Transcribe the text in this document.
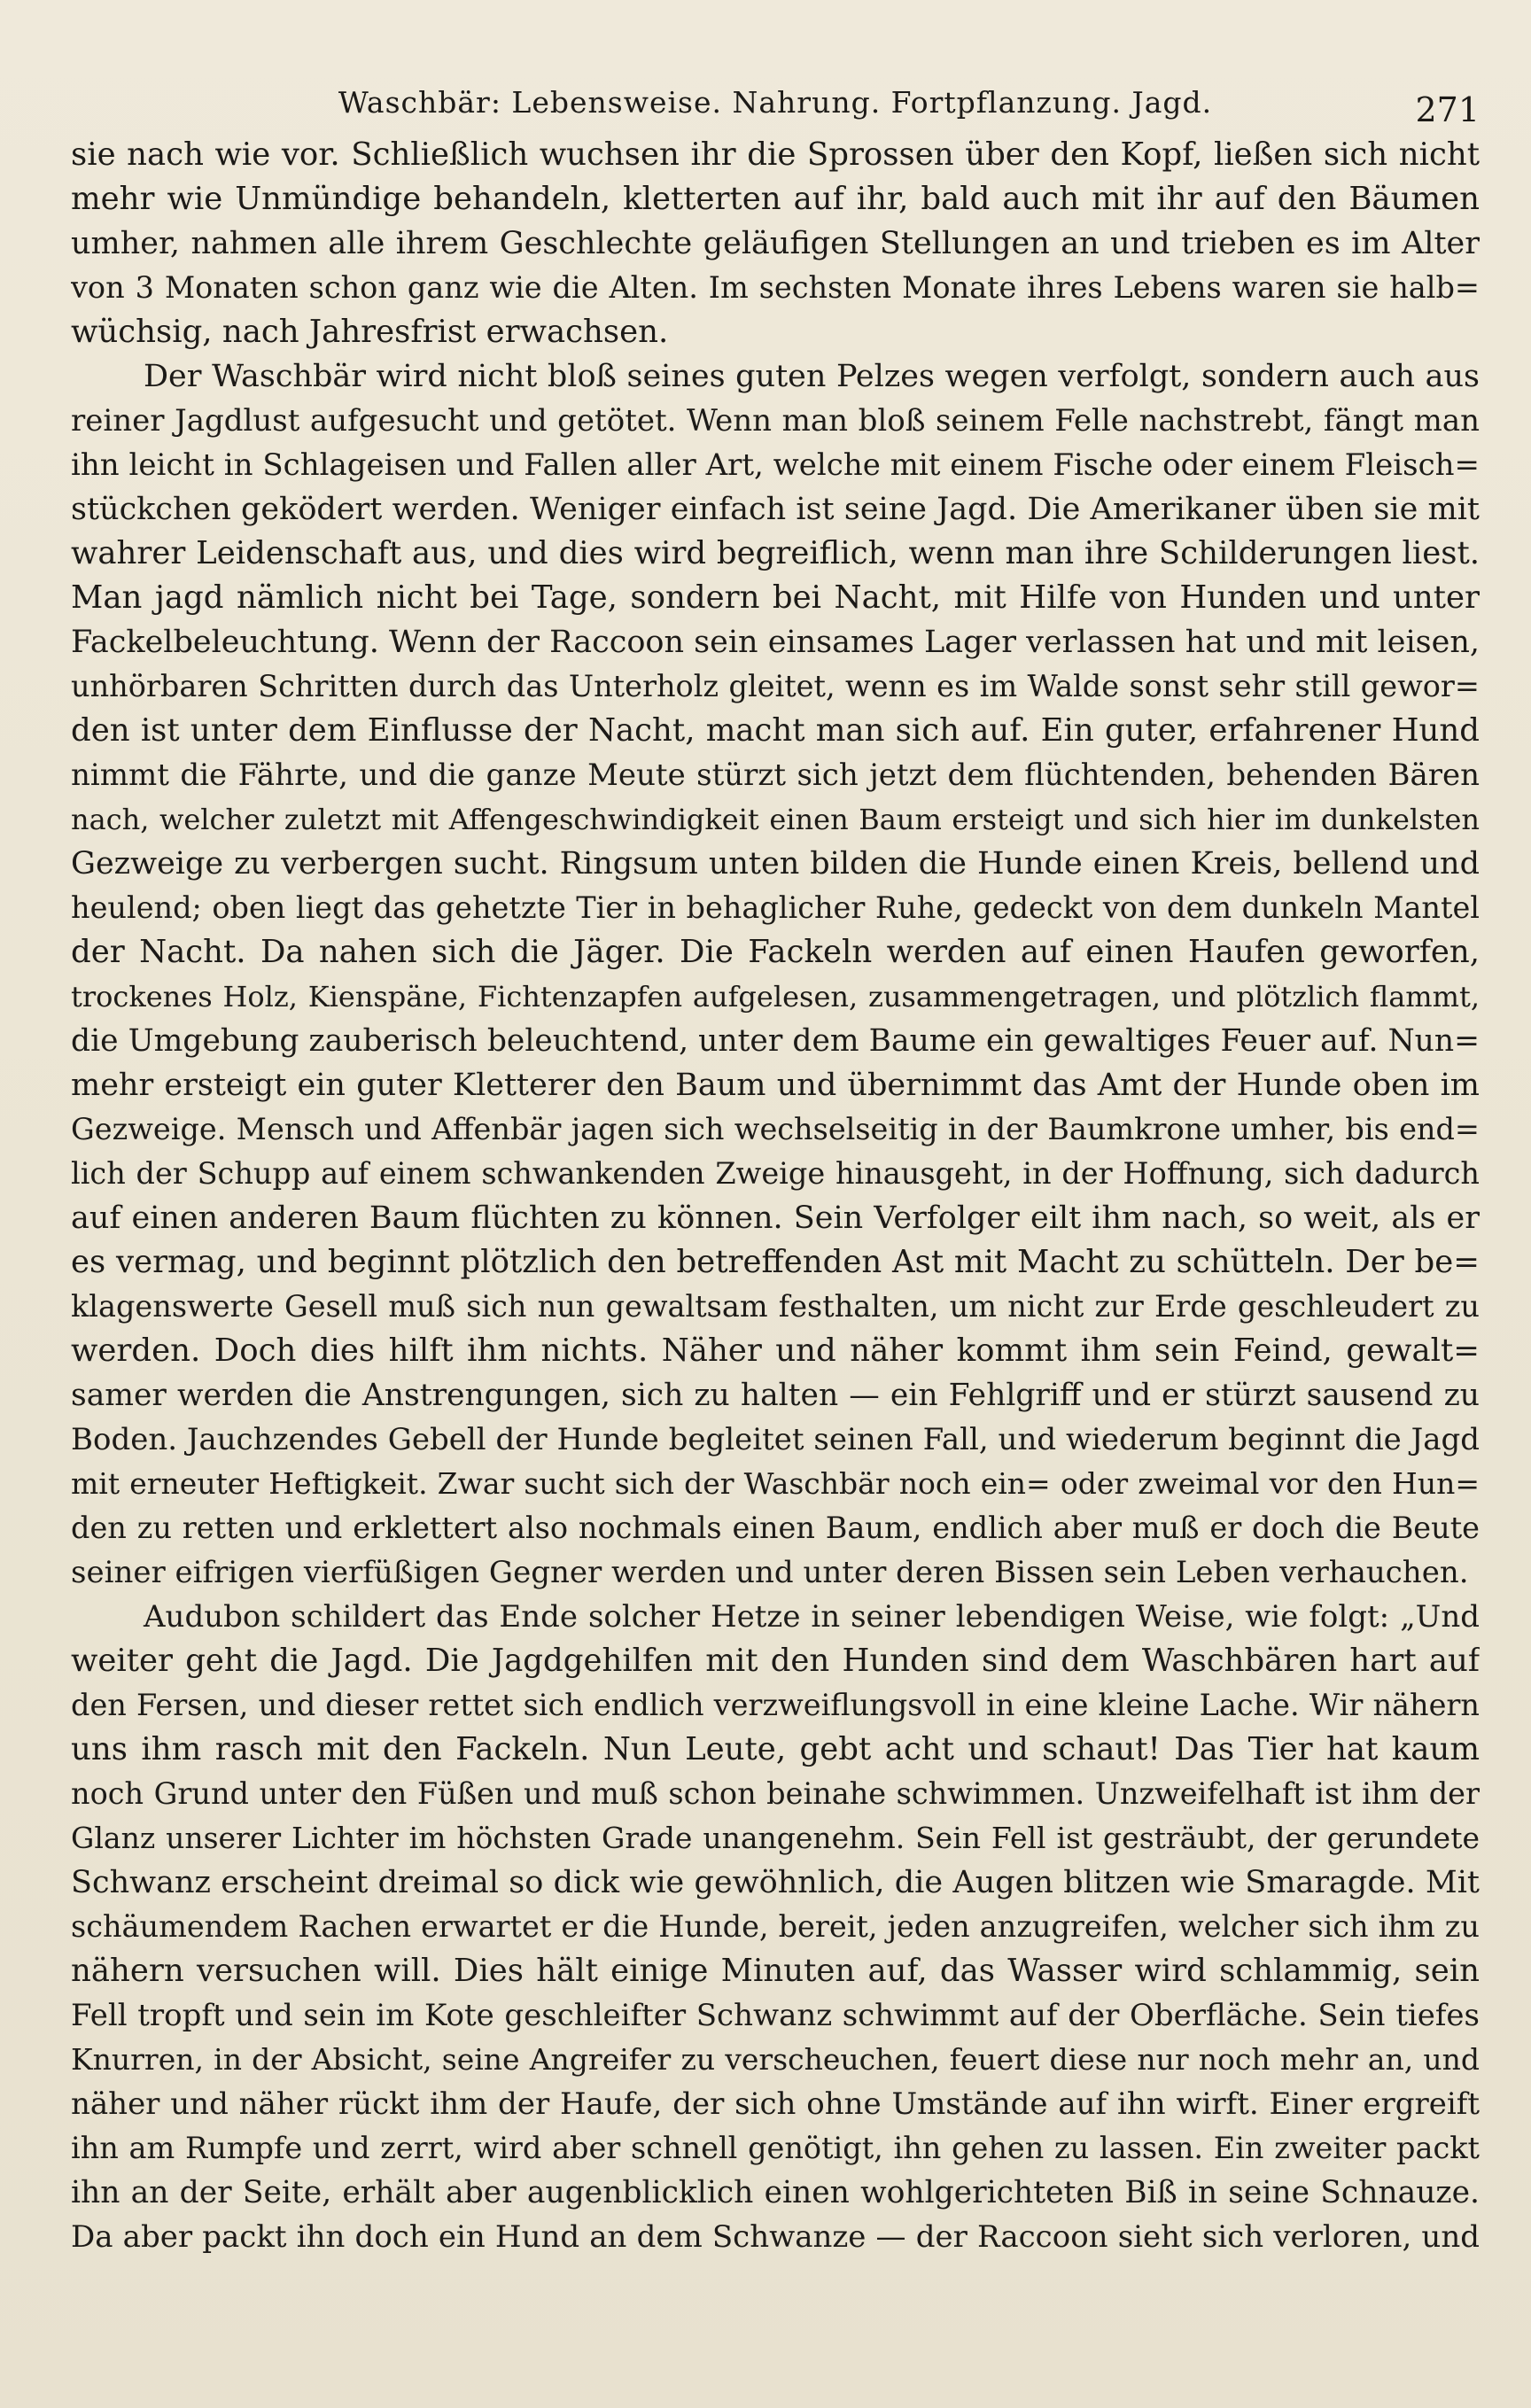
Waschbär: Lebensweise. Nahrung. Fortpflanzung. Jagd.	271
sie nach wie vor. Schließlich wuchsen ihr die Sprossen über den Kopf, ließen sich nicht
mehr wie Unmündige behandeln, kletterten auf ihr, bald auch mit ihr auf den Bäumen
umher, nahmen alle ihrem Geschlechte geläufigen Stellungen an und trieben es im Alter
von 3 Monaten schon ganz wie die Alten. Im sechsten Monate ihres Lebens waren sie halb=
wüchsig, nach Jahresfrist erwachsen.
Der Waschbär wird nicht bloß seines guten Pelzes wegen verfolgt, sondern auch aus
reiner Jagdlust aufgesucht und getötet. Wenn man bloß seinem Felle nachstrebt, fängt man
ihn leicht in Schlageisen und Fallen aller Art, welche mit einem Fische oder einem Fleisch=
stückchen geködert werden. Weniger einfach ist seine Jagd. Die Amerikaner üben sie mit
wahrer Leidenschaft aus, und dies wird begreiflich, wenn man ihre Schilderungen liest.
Man jagd nämlich nicht bei Tage, sondern bei Nacht, mit Hilfe von Hunden und unter
Fackelbeleuchtung. Wenn der Raccoon sein einsames Lager verlassen hat und mit leisen,
unhörbaren Schritten durch das Unterholz gleitet, wenn es im Walde sonst sehr still gewor=
den ist unter dem Einflusse der Nacht, macht man sich auf. Ein guter, erfahrener Hund
nimmt die Fährte, und die ganze Meute stürzt sich jetzt dem flüchtenden, behenden Bären
nach, welcher zuletzt mit Affengeschwindigkeit einen Baum ersteigt und sich hier im dunkelsten
Gezweige zu verbergen sucht. Ringsum unten bilden die Hunde einen Kreis, bellend und
heulend; oben liegt das gehetzte Tier in behaglicher Ruhe, gedeckt von dem dunkeln Mantel
der Nacht. Da nahen sich die Jäger. Die Fackeln werden auf einen Haufen geworfen,
trockenes Holz, Kienspäne, Fichtenzapfen aufgelesen, zusammengetragen, und plötzlich flammt,
die Umgebung zauberisch beleuchtend, unter dem Baume ein gewaltiges Feuer auf. Nun=
mehr ersteigt ein guter Kletterer den Baum und übernimmt das Amt der Hunde oben im
Gezweige. Mensch und Affenbär jagen sich wechselseitig in der Baumkrone umher, bis end=
lich der Schupp auf einem schwankenden Zweige hinausgeht, in der Hoffnung, sich dadurch
auf einen anderen Baum flüchten zu können. Sein Verfolger eilt ihm nach, so weit, als er
es vermag, und beginnt plötzlich den betreffenden Ast mit Macht zu schütteln. Der be=
klagenswerte Gesell muß sich nun gewaltsam festhalten, um nicht zur Erde geschleudert zu
werden. Doch dies hilft ihm nichts. Näher und näher kommt ihm sein Feind, gewalt=
samer werden die Anstrengungen, sich zu halten — ein Fehlgriff und er stürzt sausend zu
Boden. Jauchzendes Gebell der Hunde begleitet seinen Fall, und wiederum beginnt die Jagd
mit erneuter Heftigkeit. Zwar sucht sich der Waschbär noch ein= oder zweimal vor den Hun=
den zu retten und erklettert also nochmals einen Baum, endlich aber muß er doch die Beute
seiner eifrigen vierfüßigen Gegner werden und unter deren Bissen sein Leben verhauchen.
Audubon schildert das Ende solcher Hetze in seiner lebendigen Weise, wie folgt: „Und
weiter geht die Jagd. Die Jagdgehilfen mit den Hunden sind dem Waschbären hart auf
den Fersen, und dieser rettet sich endlich verzweiflungsvoll in eine kleine Lache. Wir nähern
uns ihm rasch mit den Fackeln. Nun Leute, gebt acht und schaut! Das Tier hat kaum
noch Grund unter den Füßen und muß schon beinahe schwimmen. Unzweifelhaft ist ihm der
Glanz unserer Lichter im höchsten Grade unangenehm. Sein Fell ist gesträubt, der gerundete
Schwanz erscheint dreimal so dick wie gewöhnlich, die Augen blitzen wie Smaragde. Mit
schäumendem Rachen erwartet er die Hunde, bereit, jeden anzugreifen, welcher sich ihm zu
nähern versuchen will. Dies hält einige Minuten auf, das Wasser wird schlammig, sein
Fell tropft und sein im Kote geschleifter Schwanz schwimmt auf der Oberfläche. Sein tiefes
Knurren, in der Absicht, seine Angreifer zu verscheuchen, feuert diese nur noch mehr an, und
näher und näher rückt ihm der Haufe, der sich ohne Umstände auf ihn wirft. Einer ergreift
ihn am Rumpfe und zerrt, wird aber schnell genötigt, ihn gehen zu lassen. Ein zweiter packt
ihn an der Seite, erhält aber augenblicklich einen wohlgerichteten Biß in seine Schnauze.
Da aber packt ihn doch ein Hund an dem Schwanze — der Raccoon sieht sich verloren, und
